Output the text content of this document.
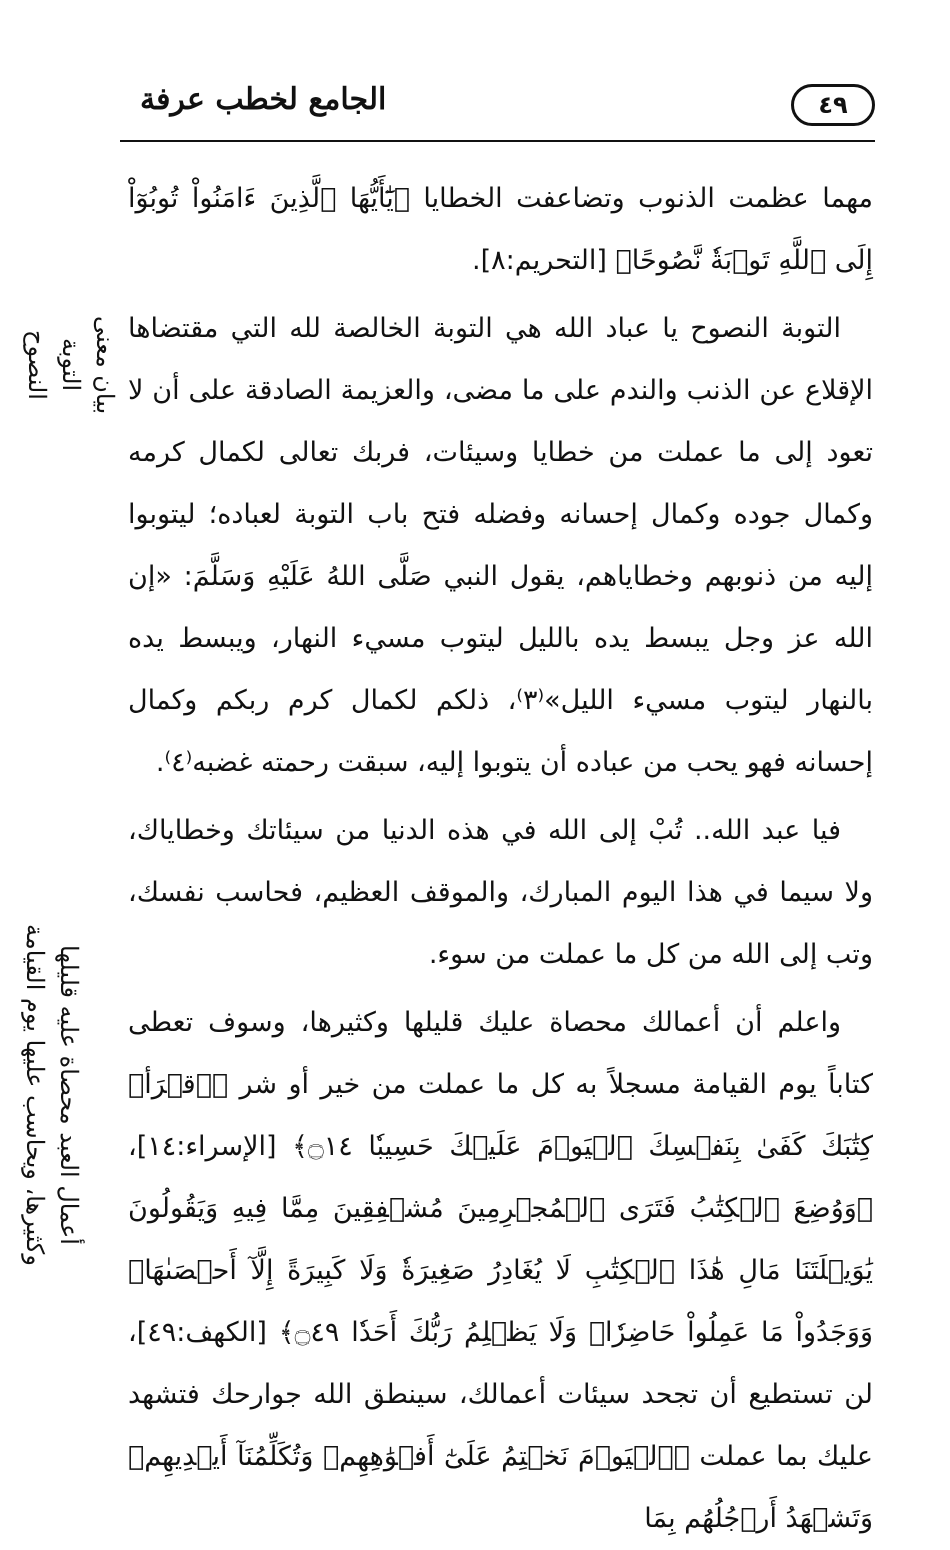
٤٩
الجامع لخطب عرفة

مهما عظمت الذنوب وتضاعفت الخطايا ﴿يَٰٓأَيُّهَا ٱلَّذِينَ ءَامَنُواْ تُوبُوٓاْ إِلَى ٱللَّهِ تَوۡبَةٗ نَّصُوحًا﴾ [التحريم:٨].

التوبة النصوح يا عباد الله هي التوبة الخالصة لله التي مقتضاها الإقلاع عن الذنب والندم على ما مضى، والعزيمة الصادقة على أن لا تعود إلى ما عملت من خطايا وسيئات، فربك تعالى لكمال كرمه وكمال جوده وكمال إحسانه وفضله فتح باب التوبة لعباده؛ ليتوبوا إليه من ذنوبهم وخطاياهم، يقول النبي صَلَّى اللهُ عَلَيْهِ وَسَلَّمَ: «إن الله عز وجل يبسط يده بالليل ليتوب مسيء النهار، ويبسط يده بالنهار ليتوب مسيء الليل»⁽٣⁾، ذلكم لكمال كرم ربكم وكمال إحسانه فهو يحب من عباده أن يتوبوا إليه، سبقت رحمته غضبه⁽٤⁾.

فيا عبد الله.. تُبْ إلى الله في هذه الدنيا من سيئاتك وخطاياك، ولا سيما في هذا اليوم المبارك، والموقف العظيم، فحاسب نفسك، وتب إلى الله من كل ما عملت من سوء.

واعلم أن أعمالك محصاة عليك قليلها وكثيرها، وسوف تعطى كتاباً يوم القيامة مسجلاً به كل ما عملت من خير أو شر ﴿ٱقۡرَأۡ كِتَٰبَكَ كَفَىٰ بِنَفۡسِكَ ٱلۡيَوۡمَ عَلَيۡكَ حَسِيبٗا ۝١٤﴾ [الإسراء:١٤]، ﴿وَوُضِعَ ٱلۡكِتَٰبُ فَتَرَى ٱلۡمُجۡرِمِينَ مُشۡفِقِينَ مِمَّا فِيهِ وَيَقُولُونَ يَٰوَيۡلَتَنَا مَالِ هَٰذَا ٱلۡكِتَٰبِ لَا يُغَادِرُ صَغِيرَةٗ وَلَا كَبِيرَةً إِلَّآ أَحۡصَىٰهَاۚ وَوَجَدُواْ مَا عَمِلُواْ حَاضِرٗاۗ وَلَا يَظۡلِمُ رَبُّكَ أَحَدٗا ۝٤٩﴾ [الكهف:٤٩]، لن تستطيع أن تجحد سيئات أعمالك، سينطق الله جوارحك فتشهد عليك بما عملت ﴿ٱلۡيَوۡمَ نَخۡتِمُ عَلَىٰٓ أَفۡوَٰهِهِمۡ وَتُكَلِّمُنَآ أَيۡدِيهِمۡ وَتَشۡهَدُ أَرۡجُلُهُم بِمَا

بيان معنى التوبة النصوح
أعمال العبد محصاة عليه قليلها وكثيرها، ويحاسب عليها يوم القيامة
